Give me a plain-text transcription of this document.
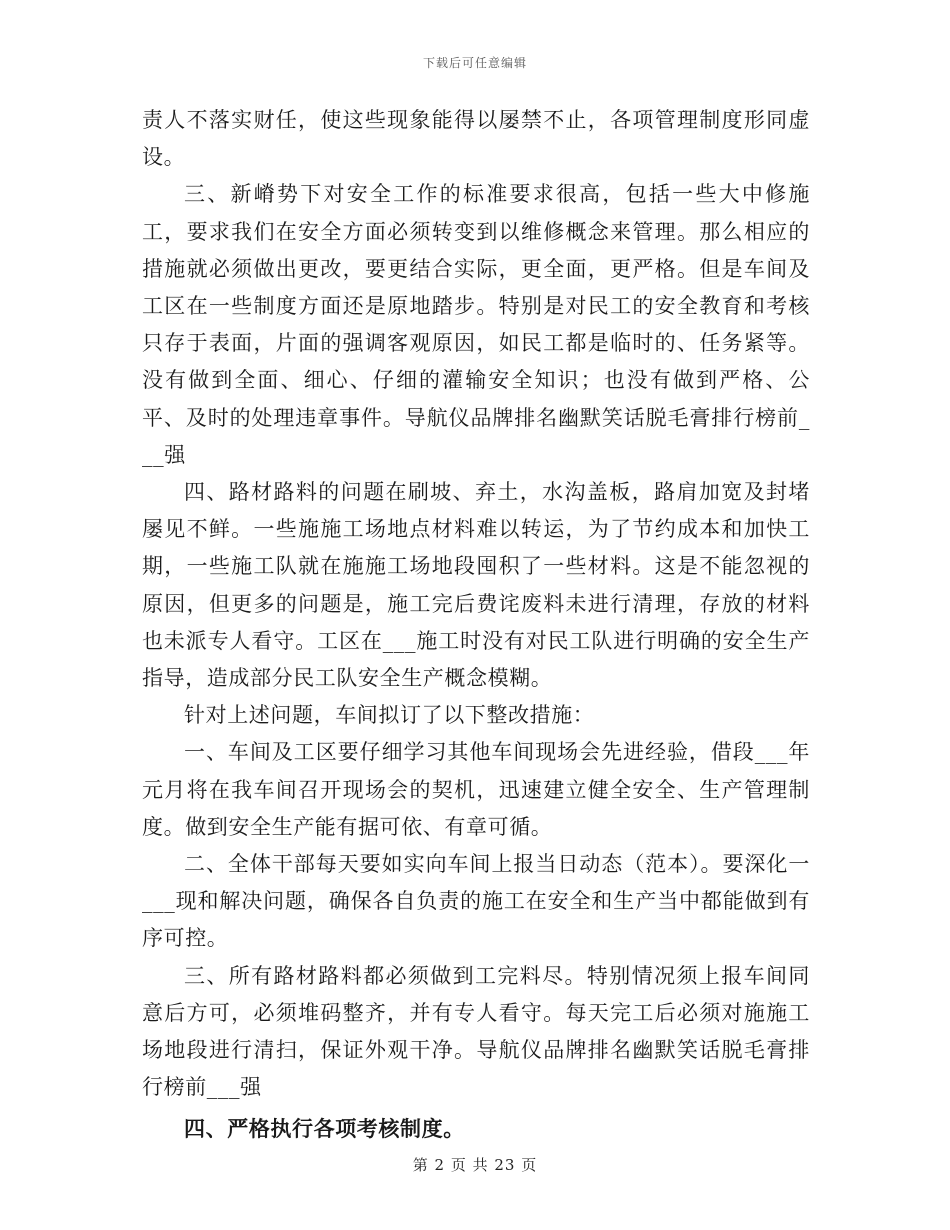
下载后可任意编辑

责人不落实财任，使这些现象能得以屡禁不止，各项管理制度形同虚设。

三、新嵴势下对安全工作的标准要求很高，包括一些大中修施工，要求我们在安全方面必须转变到以维修概念来管理。那么相应的措施就必须做出更改，要更结合实际，更全面，更严格。但是车间及工区在一些制度方面还是原地踏步。特别是对民工的安全教育和考核只存于表面，片面的强调客观原因，如民工都是临时的、任务紧等。没有做到全面、细心、仔细的灌输安全知识；也没有做到严格、公平、及时的处理违章事件。导航仪品牌排名幽默笑话脱毛膏排行榜前___强

四、路材路料的问题在刷坡、弃土，水沟盖板，路肩加宽及封堵屡见不鲜。一些施施工场地点材料难以转运，为了节约成本和加快工期，一些施工队就在施施工场地段囤积了一些材料。这是不能忽视的原因，但更多的问题是，施工完后费诧废料未进行清理，存放的材料也未派专人看守。工区在___施工时没有对民工队进行明确的安全生产指导，造成部分民工队安全生产概念模糊。

针对上述问题，车间拟订了以下整改措施：

一、车间及工区要仔细学习其他车间现场会先进经验，借段___年元月将在我车间召开现场会的契机，迅速建立健全安全、生产管理制度。做到安全生产能有据可依、有章可循。

二、全体干部每天要如实向车间上报当日动态（范本）。要深化一___现和解决问题，确保各自负责的施工在安全和生产当中都能做到有序可控。

三、所有路材路料都必须做到工完料尽。特别情况须上报车间同意后方可，必须堆码整齐，并有专人看守。每天完工后必须对施施工场地段进行清扫，保证外观干净。导航仪品牌排名幽默笑话脱毛膏排行榜前___强

四、严格执行各项考核制度。

第 2 页 共 23 页
